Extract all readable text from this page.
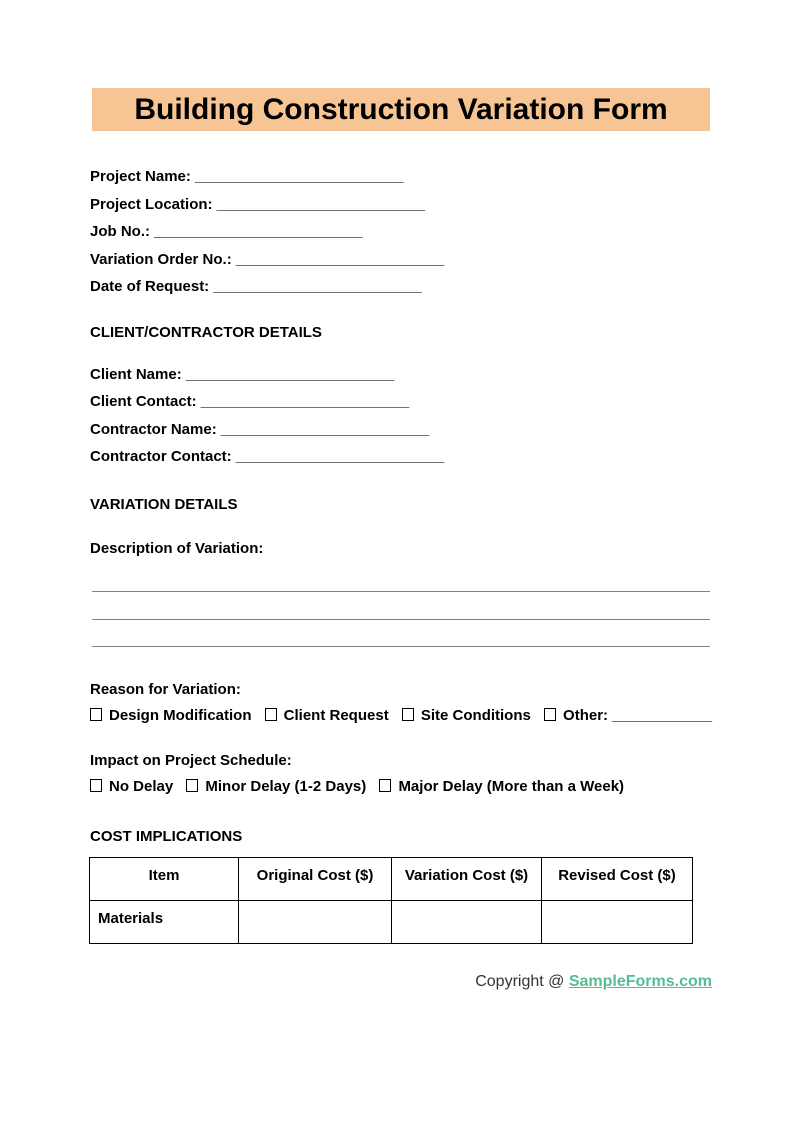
Building Construction Variation Form

Project Name: _________________________

Project Location: _________________________

Job No.: _________________________

Variation Order No.: _________________________

Date of Request: _________________________

CLIENT/CONTRACTOR DETAILS

Client Name: _________________________

Client Contact: _________________________

Contractor Name: _________________________

Contractor Contact: _________________________

VARIATION DETAILS

Description of Variation:

Reason for Variation:

Design Modification Client Request Site Conditions Other: ____________

Impact on Project Schedule:

No Delay Minor Delay (1-2 Days) Major Delay (More than a Week)

COST IMPLICATIONS

Item	Original Cost ($)	Variation Cost ($)	Revised Cost ($)
Materials			
Copyright @ SampleForms.com
